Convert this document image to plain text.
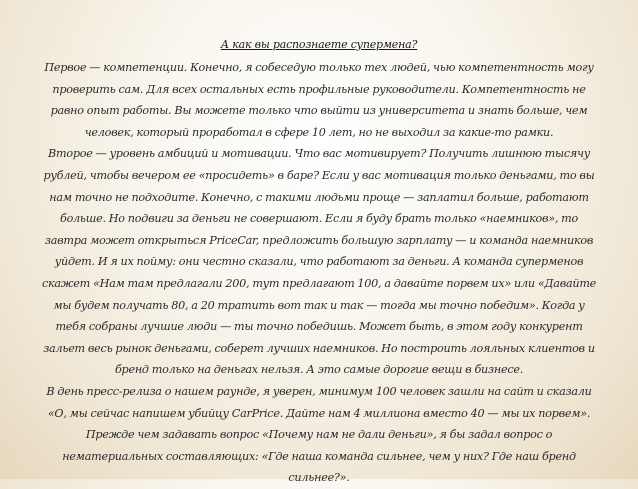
А как вы распознаете супермена?

Первое — компетенции. Конечно, я собеседую только тех людей, чью компетентность могу проверить сам. Для всех остальных есть профильные руководители. Компетентность не равно опыт работы. Вы можете только что выйти из университета и знать больше, чем человек, который проработал в сфере 10 лет, но не выходил за какие-то рамки.

Второе — уровень амбиций и мотивации. Что вас мотивирует? Получить лишнюю тысячу рублей, чтобы вечером ее «просидеть» в баре? Если у вас мотивация только деньгами, то вы нам точно не подходите. Конечно, с такими людьми проще — заплатил больше, работают больше. Но подвиги за деньги не совершают. Если я буду брать только «наемников», то завтра может открыться PriceCar, предложить большую зарплату — и команда наемников уйдет. И я их пойму: они честно сказали, что работают за деньги. А команда суперменов скажет «Нам там предлагали 200, тут предлагают 100, а давайте порвем их» или «Давайте мы будем получать 80, а 20 тратить вот так и так — тогда мы точно победим». Когда у тебя собраны лучшие люди — ты точно победишь. Может быть, в этом году конкурент зальет весь рынок деньгами, соберет лучших наемников. Но построить лояльных клиентов и бренд только на деньгах нельзя. А это самые дорогие вещи в бизнесе.

В день пресс-релиза о нашем раунде, я уверен, минимум 100 человек зашли на сайт и сказали «О, мы сейчас напишем убийцу CarPrice. Дайте нам 4 миллиона вместо 40 — мы их порвем». Прежде чем задавать вопрос «Почему нам не дали деньги», я бы задал вопрос о нематериальных составляющих: «Где наша команда сильнее, чем у них? Где наш бренд сильнее?».
